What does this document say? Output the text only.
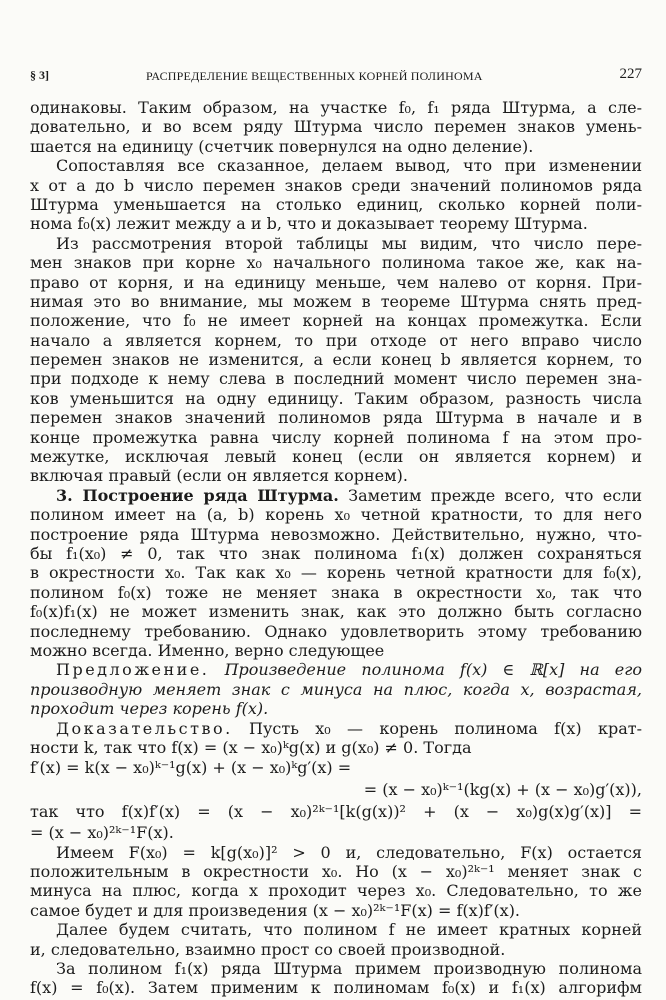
§ 3]	РАСПРЕДЕЛЕНИЕ ВЕЩЕСТВЕННЫХ КОРНЕЙ ПОЛИНОМА	227
одинаковы. Таким образом, на участке f₀, f₁ ряда Штурма, а сле-
довательно, и во всем ряду Штурма число перемен знаков умень-
шается на единицу (счетчик повернулся на одно деление).
Сопоставляя все сказанное, делаем вывод, что при изменении
x от a до b число перемен знаков среди значений полиномов ряда
Штурма уменьшается на столько единиц, сколько корней поли-
нома f₀(x) лежит между a и b, что и доказывает теорему Штурма.
Из рассмотрения второй таблицы мы видим, что число пере-
мен знаков при корне x₀ начального полинома такое же, как на-
право от корня, и на единицу меньше, чем налево от корня. При-
нимая это во внимание, мы можем в теореме Штурма снять пред-
положение, что f₀ не имеет корней на концах промежутка. Если
начало a является корнем, то при отходе от него вправо число
перемен знаков не изменится, а если конец b является корнем, то
при подходе к нему слева в последний момент число перемен зна-
ков уменьшится на одну единицу. Таким образом, разность числа
перемен знаков значений полиномов ряда Штурма в начале и в
конце промежутка равна числу корней полинома f на этом про-
межутке, исключая левый конец (если он является корнем) и
включая правый (если он является корнем).
3. Построение ряда Штурма. Заметим прежде всего, что если
полином имеет на (a, b) корень x₀ четной кратности, то для него
построение ряда Штурма невозможно. Действительно, нужно, что-
бы f₁(x₀) ≠ 0, так что знак полинома f₁(x) должен сохраняться
в окрестности x₀. Так как x₀ — корень четной кратности для f₀(x),
полином f₀(x) тоже не меняет знака в окрестности x₀, так что
f₀(x)f₁(x) не может изменить знак, как это должно быть согласно
последнему требованию. Однако удовлетворить этому требованию
можно всегда. Именно, верно следующее
Предложение. Произведение полинома f(x) ∈ ℝ[x] на его
производную меняет знак с минуса на плюс, когда x, возрастая,
проходит через корень f(x).
Доказательство. Пусть x₀ — корень полинома f(x) крат-
ности k, так что f(x) = (x − x₀)ᵏg(x) и g(x₀) ≠ 0. Тогда
f′(x) = k(x − x₀)ᵏ⁻¹g(x) + (x − x₀)ᵏg′(x) =
= (x − x₀)ᵏ⁻¹(kg(x) + (x − x₀)g′(x)),
так что f(x)f′(x) = (x − x₀)²ᵏ⁻¹[k(g(x))² + (x − x₀)g(x)g′(x)] =
= (x − x₀)²ᵏ⁻¹F(x).
Имеем F(x₀) = k[g(x₀)]² > 0 и, следовательно, F(x) остается
положительным в окрестности x₀. Но (x − x₀)²ᵏ⁻¹ меняет знак с
минуса на плюс, когда x проходит через x₀. Следовательно, то же
самое будет и для произведения (x − x₀)²ᵏ⁻¹F(x) = f(x)f′(x).
Далее будем считать, что полином f не имеет кратных корней
и, следовательно, взаимно прост со своей производной.
За полином f₁(x) ряда Штурма примем производную полинома
f(x) = f₀(x). Затем применим к полиномам f₀(x) и f₁(x) алгорифм
